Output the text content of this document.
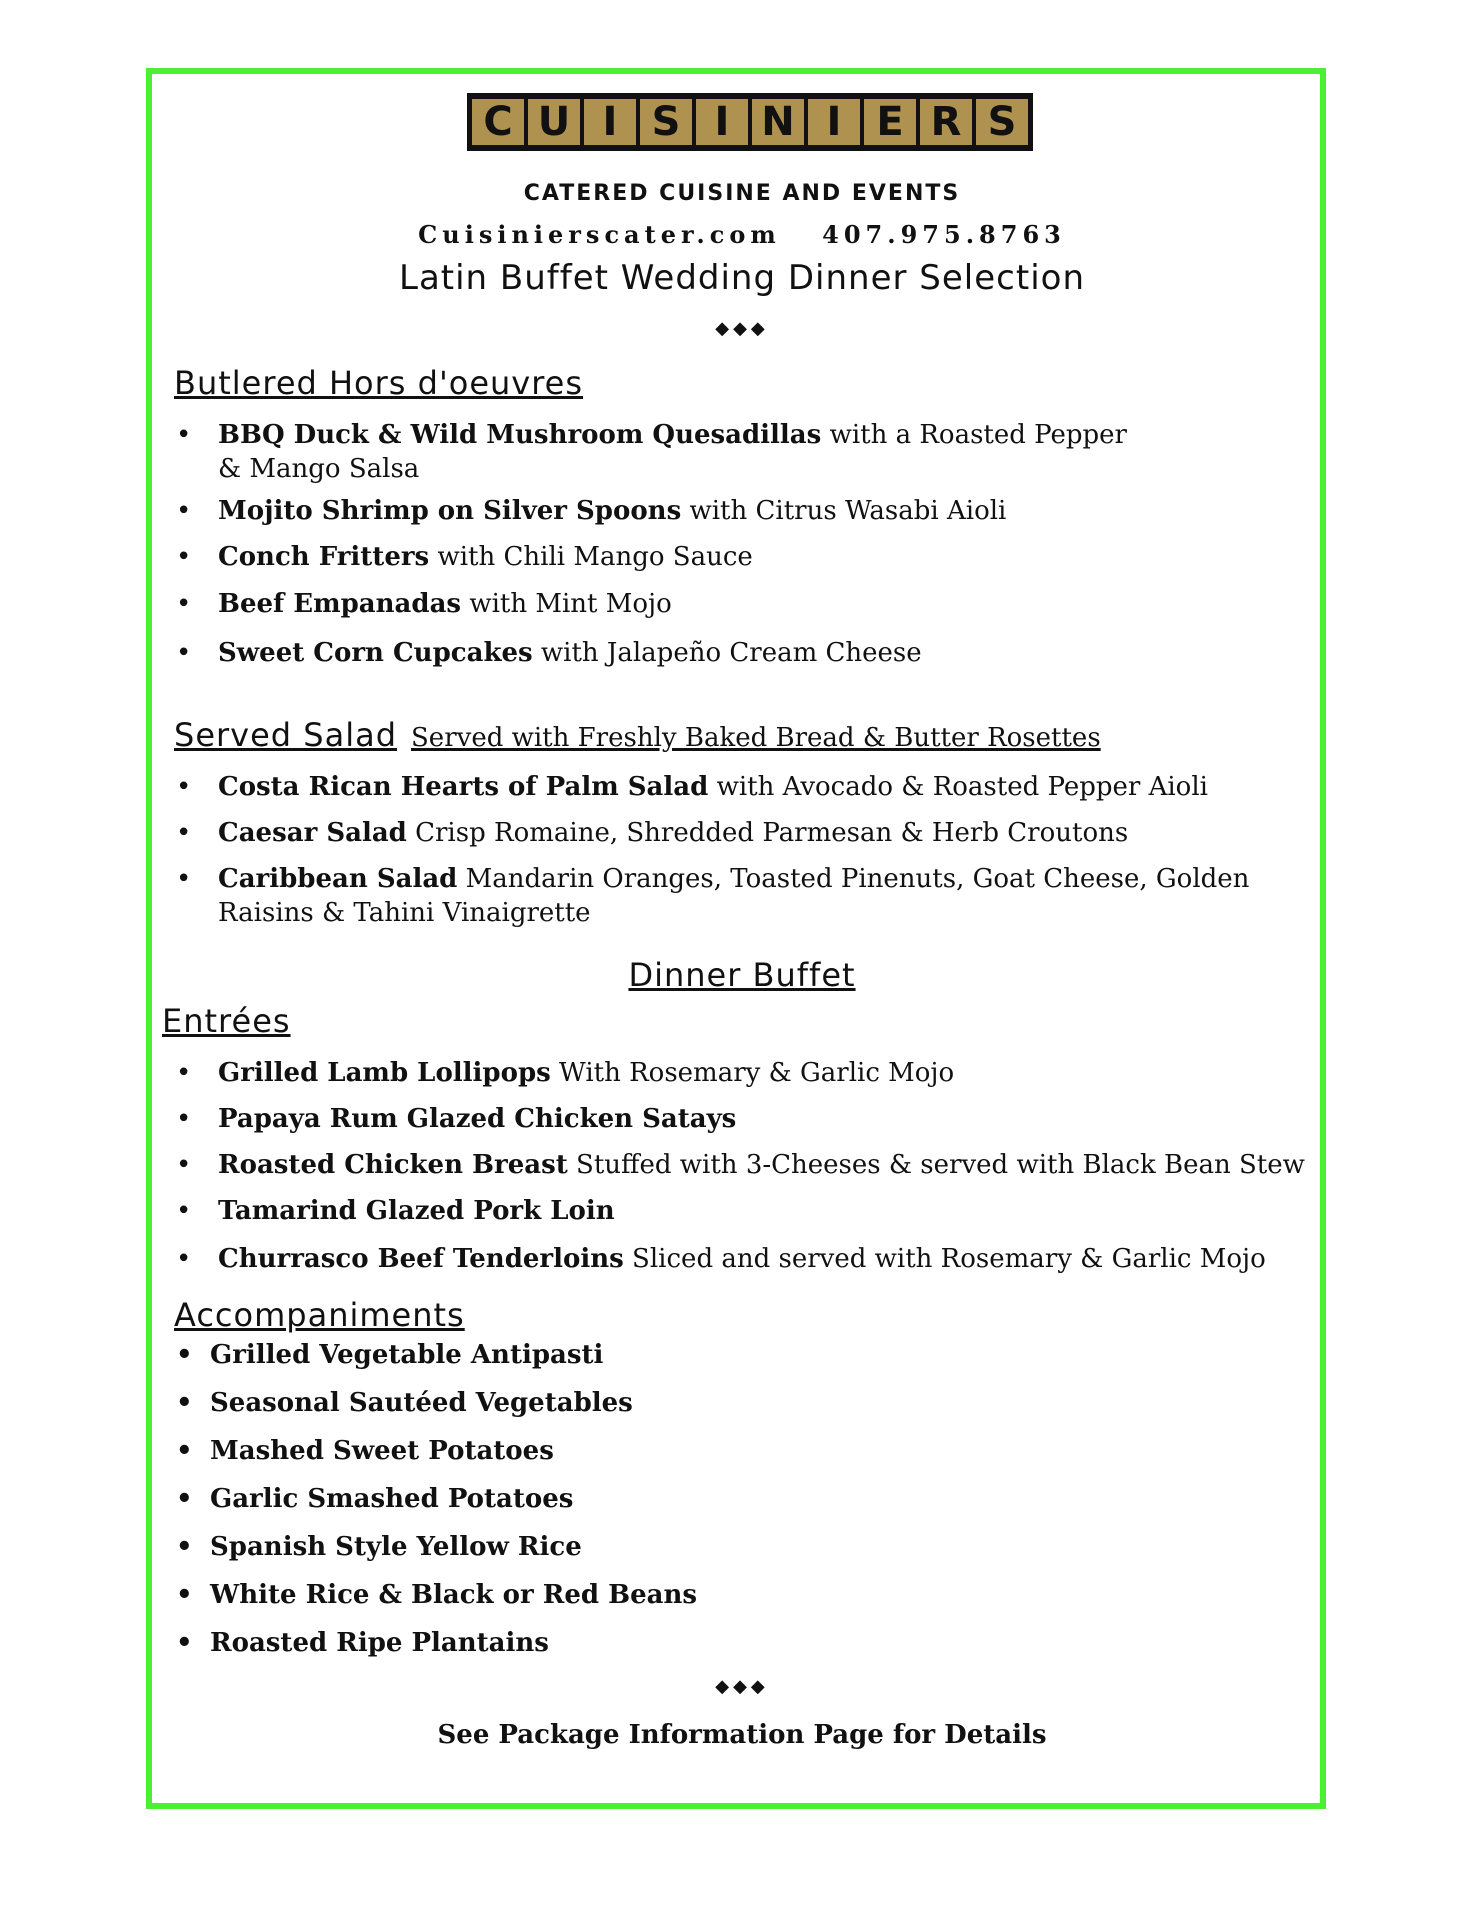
C U I S I N I E R S
CATERED CUISINE AND EVENTS
Cuisinierscater.com 407.975.8763
Latin Buffet Wedding Dinner Selection
◆◆◆
Butlered Hors d'oeuvres
• BBQ Duck & Wild Mushroom Quesadillas with a Roasted Pepper
& Mango Salsa
• Mojito Shrimp on Silver Spoons with Citrus Wasabi Aioli
• Conch Fritters with Chili Mango Sauce
• Beef Empanadas with Mint Mojo
• Sweet Corn Cupcakes with Jalapeño Cream Cheese
Served Salad Served with Freshly Baked Bread & Butter Rosettes
• Costa Rican Hearts of Palm Salad with Avocado & Roasted Pepper Aioli
• Caesar Salad Crisp Romaine, Shredded Parmesan & Herb Croutons
• Caribbean Salad Mandarin Oranges, Toasted Pinenuts, Goat Cheese, Golden
Raisins & Tahini Vinaigrette
Dinner Buffet
Entrées
• Grilled Lamb Lollipops With Rosemary & Garlic Mojo
• Papaya Rum Glazed Chicken Satays
• Roasted Chicken Breast Stuffed with 3-Cheeses & served with Black Bean Stew
• Tamarind Glazed Pork Loin
• Churrasco Beef Tenderloins Sliced and served with Rosemary & Garlic Mojo
Accompaniments
• Grilled Vegetable Antipasti
• Seasonal Sautéed Vegetables
• Mashed Sweet Potatoes
• Garlic Smashed Potatoes
• Spanish Style Yellow Rice
• White Rice & Black or Red Beans
• Roasted Ripe Plantains
◆◆◆
See Package Information Page for Details
